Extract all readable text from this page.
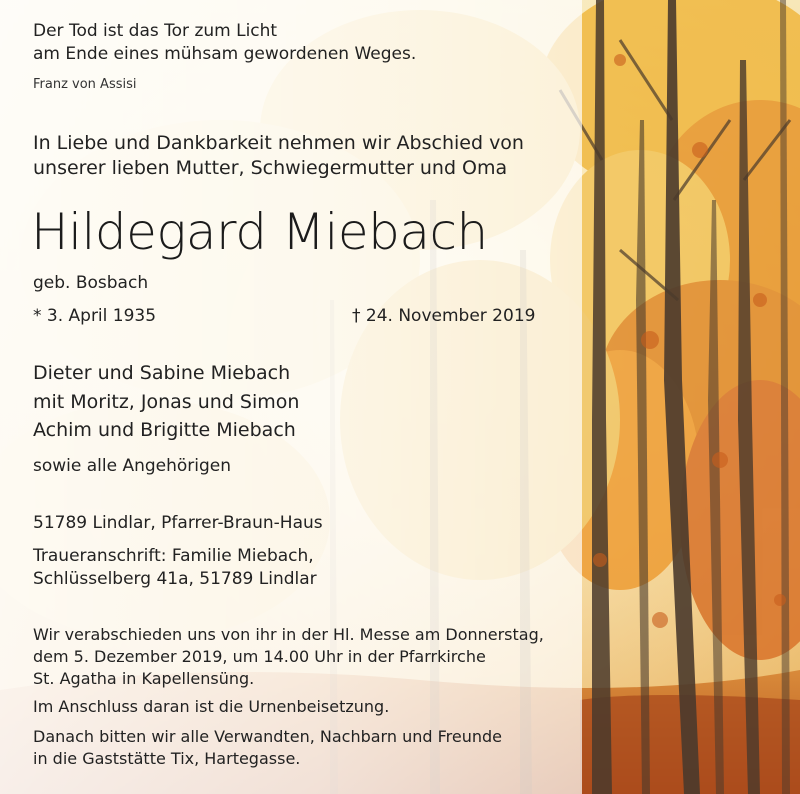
Der Tod ist das Tor zum Licht
am Ende eines mühsam gewordenen Weges.
Franz von Assisi
In Liebe und Dankbarkeit nehmen wir Abschied von
unserer lieben Mutter, Schwiegermutter und Oma
Hildegard Miebach
geb. Bosbach
* 3. April 1935	† 24. November 2019
Dieter und Sabine Miebach
mit Moritz, Jonas und Simon
Achim und Brigitte Miebach
sowie alle Angehörigen
51789 Lindlar, Pfarrer-Braun-Haus
Traueranschrift: Familie Miebach,
Schlüsselberg 41a, 51789 Lindlar
Wir verabschieden uns von ihr in der Hl. Messe am Donnerstag,
dem 5. Dezember 2019, um 14.00 Uhr in der Pfarrkirche
St. Agatha in Kapellensüng.
Im Anschluss daran ist die Urnenbeisetzung.
Danach bitten wir alle Verwandten, Nachbarn und Freunde
in die Gaststätte Tix, Hartegasse.
